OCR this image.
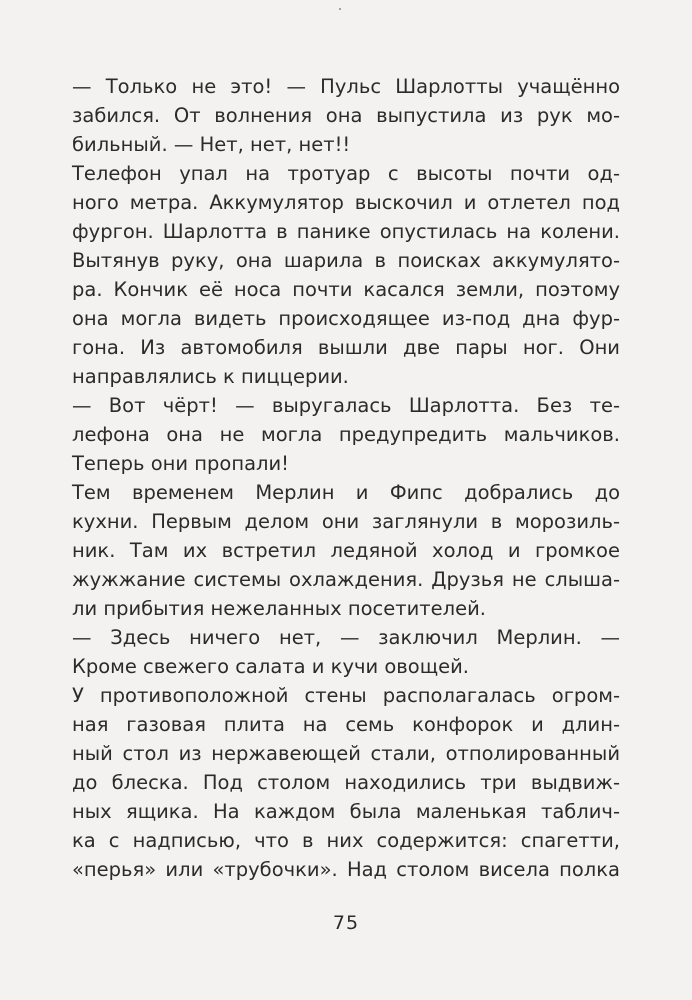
— Только не это! — Пульс Шарлотты учащённо
забился. От волнения она выпустила из рук мо-
бильный. — Нет, нет, нет!!
Телефон упал на тротуар с высоты почти од-
ного метра. Аккумулятор выскочил и отлетел под
фургон. Шарлотта в панике опустилась на колени.
Вытянув руку, она шарила в поисках аккумулято-
ра. Кончик её носа почти касался земли, поэтому
она могла видеть происходящее из-под дна фур-
гона. Из автомобиля вышли две пары ног. Они
направлялись к пиццерии.
— Вот чёрт! — выругалась Шарлотта. Без те-
лефона она не могла предупредить мальчиков.
Теперь они пропали!
Тем временем Мерлин и Фипс добрались до
кухни. Первым делом они заглянули в морозиль-
ник. Там их встретил ледяной холод и громкое
жужжание системы охлаждения. Друзья не слыша-
ли прибытия нежеланных посетителей.
— Здесь ничего нет, — заключил Мерлин. —
Кроме свежего салата и кучи овощей.
У противоположной стены располагалась огром-
ная газовая плита на семь конфорок и длин-
ный стол из нержавеющей стали, отполированный
до блеска. Под столом находились три выдвиж-
ных ящика. На каждом была маленькая таблич-
ка с надписью, что в них содержится: спагетти,
«перья» или «трубочки». Над столом висела полка
75
